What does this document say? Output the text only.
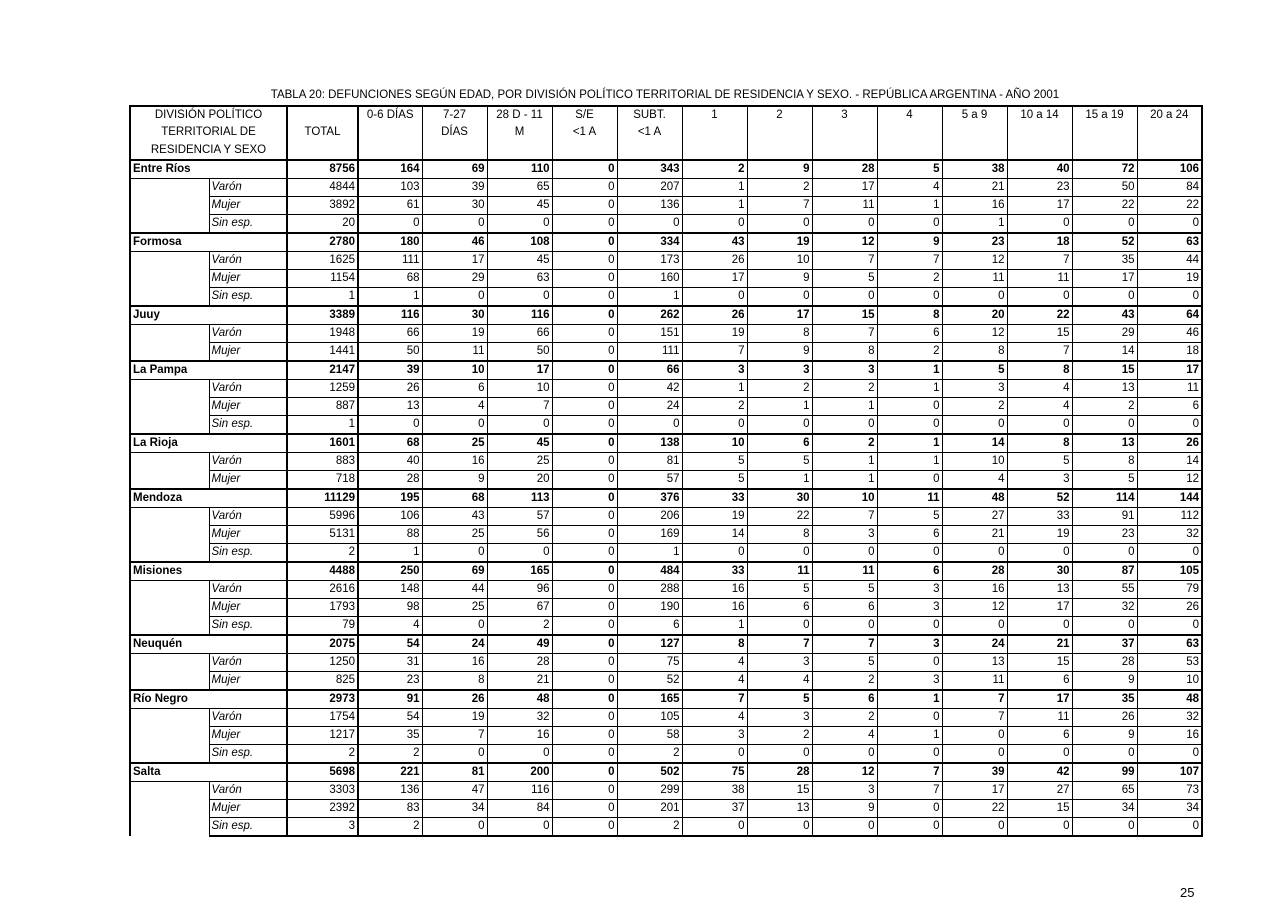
TABLA 20: DEFUNCIONES SEGÚN EDAD, POR DIVISIÓN POLÍTICO TERRITORIAL DE RESIDENCIA Y SEXO. - REPÚBLICA ARGENTINA - AÑO 2001
DIVISIÓN POLÍTICO			0-6 DÍAS	7-27	28 D - 11	S/E	SUBT.	1	2	3	4	5 a 9	10 a 14	15 a 19	20 a 24
TERRITORIAL DE		TOTAL		DÍAS	M	<1 A	<1 A								
RESIDENCIA Y SEXO															
Entre Ríos		8756	164	69	110	0	343	2	9	28	5	38	40	72	106
	Varón	4844	103	39	65	0	207	1	2	17	4	21	23	50	84
	Mujer	3892	61	30	45	0	136	1	7	11	1	16	17	22	22
	Sin esp.	20	0	0	0	0	0	0	0	0	0	1	0	0	0
Formosa		2780	180	46	108	0	334	43	19	12	9	23	18	52	63
	Varón	1625	111	17	45	0	173	26	10	7	7	12	7	35	44
	Mujer	1154	68	29	63	0	160	17	9	5	2	11	11	17	19
	Sin esp.	1	1	0	0	0	1	0	0	0	0	0	0	0	0
Juuy		3389	116	30	116	0	262	26	17	15	8	20	22	43	64
	Varón	1948	66	19	66	0	151	19	8	7	6	12	15	29	46
	Mujer	1441	50	11	50	0	111	7	9	8	2	8	7	14	18
La Pampa		2147	39	10	17	0	66	3	3	3	1	5	8	15	17
	Varón	1259	26	6	10	0	42	1	2	2	1	3	4	13	11
	Mujer	887	13	4	7	0	24	2	1	1	0	2	4	2	6
	Sin esp.	1	0	0	0	0	0	0	0	0	0	0	0	0	0
La Rioja		1601	68	25	45	0	138	10	6	2	1	14	8	13	26
	Varón	883	40	16	25	0	81	5	5	1	1	10	5	8	14
	Mujer	718	28	9	20	0	57	5	1	1	0	4	3	5	12
Mendoza		11129	195	68	113	0	376	33	30	10	11	48	52	114	144
	Varón	5996	106	43	57	0	206	19	22	7	5	27	33	91	112
	Mujer	5131	88	25	56	0	169	14	8	3	6	21	19	23	32
	Sin esp.	2	1	0	0	0	1	0	0	0	0	0	0	0	0
Misiones		4488	250	69	165	0	484	33	11	11	6	28	30	87	105
	Varón	2616	148	44	96	0	288	16	5	5	3	16	13	55	79
	Mujer	1793	98	25	67	0	190	16	6	6	3	12	17	32	26
	Sin esp.	79	4	0	2	0	6	1	0	0	0	0	0	0	0
Neuquén		2075	54	24	49	0	127	8	7	7	3	24	21	37	63
	Varón	1250	31	16	28	0	75	4	3	5	0	13	15	28	53
	Mujer	825	23	8	21	0	52	4	4	2	3	11	6	9	10
Río Negro		2973	91	26	48	0	165	7	5	6	1	7	17	35	48
	Varón	1754	54	19	32	0	105	4	3	2	0	7	11	26	32
	Mujer	1217	35	7	16	0	58	3	2	4	1	0	6	9	16
	Sin esp.	2	2	0	0	0	2	0	0	0	0	0	0	0	0
Salta		5698	221	81	200	0	502	75	28	12	7	39	42	99	107
	Varón	3303	136	47	116	0	299	38	15	3	7	17	27	65	73
	Mujer	2392	83	34	84	0	201	37	13	9	0	22	15	34	34
	Sin esp.	3	2	0	0	0	2	0	0	0	0	0	0	0	0
25
